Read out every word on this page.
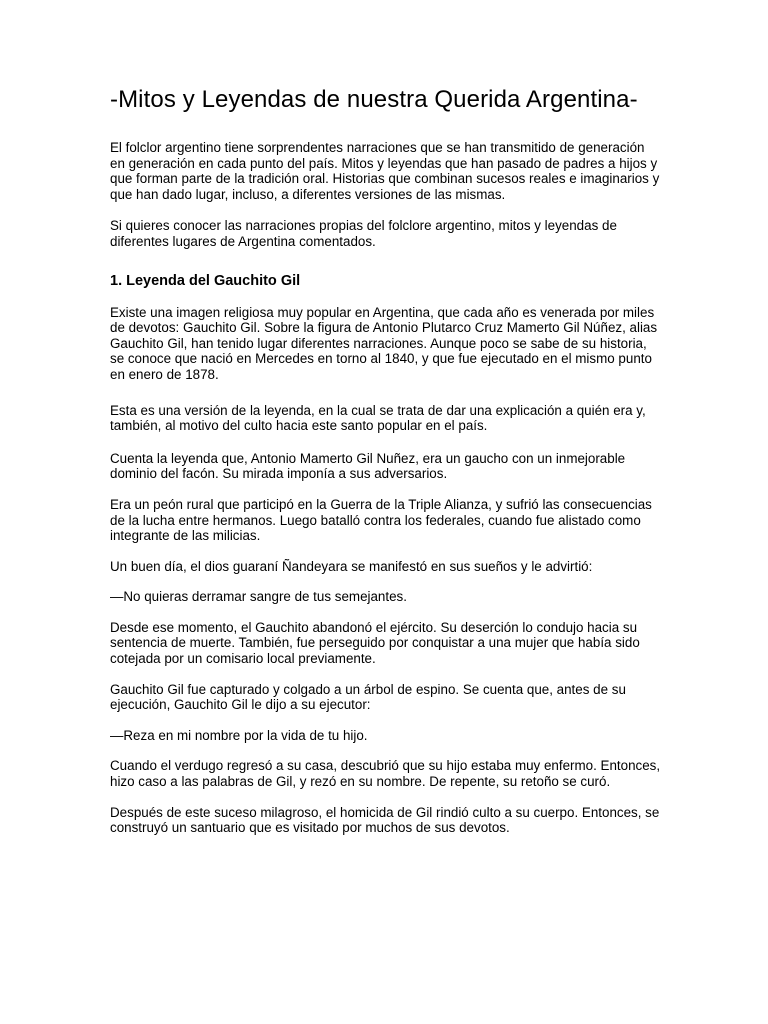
-Mitos y Leyendas de nuestra Querida Argentina-

El folclor argentino tiene sorprendentes narraciones que se han transmitido de generación en generación en cada punto del país. Mitos y leyendas que han pasado de padres a hijos y que forman parte de la tradición oral. Historias que combinan sucesos reales e imaginarios y que han dado lugar, incluso, a diferentes versiones de las mismas.

Si quieres conocer las narraciones propias del folclore argentino, mitos y leyendas de diferentes lugares de Argentina comentados.

1. Leyenda del Gauchito Gil

Existe una imagen religiosa muy popular en Argentina, que cada año es venerada por miles de devotos: Gauchito Gil. Sobre la figura de Antonio Plutarco Cruz Mamerto Gil Núñez, alias Gauchito Gil, han tenido lugar diferentes narraciones. Aunque poco se sabe de su historia, se conoce que nació en Mercedes en torno al 1840, y que fue ejecutado en el mismo punto en enero de 1878.

Esta es una versión de la leyenda, en la cual se trata de dar una explicación a quién era y, también, al motivo del culto hacia este santo popular en el país.

Cuenta la leyenda que, Antonio Mamerto Gil Nuñez, era un gaucho con un inmejorable dominio del facón. Su mirada imponía a sus adversarios.

Era un peón rural que participó en la Guerra de la Triple Alianza, y sufrió las consecuencias de la lucha entre hermanos. Luego batalló contra los federales, cuando fue alistado como integrante de las milicias.

Un buen día, el dios guaraní Ñandeyara se manifestó en sus sueños y le advirtió:

—No quieras derramar sangre de tus semejantes.

Desde ese momento, el Gauchito abandonó el ejército. Su deserción lo condujo hacia su sentencia de muerte. También, fue perseguido por conquistar a una mujer que había sido cotejada por un comisario local previamente.

Gauchito Gil fue capturado y colgado a un árbol de espino. Se cuenta que, antes de su ejecución, Gauchito Gil le dijo a su ejecutor:

—Reza en mi nombre por la vida de tu hijo.

Cuando el verdugo regresó a su casa, descubrió que su hijo estaba muy enfermo. Entonces, hizo caso a las palabras de Gil, y rezó en su nombre. De repente, su retoño se curó.

Después de este suceso milagroso, el homicida de Gil rindió culto a su cuerpo. Entonces, se construyó un santuario que es visitado por muchos de sus devotos.
